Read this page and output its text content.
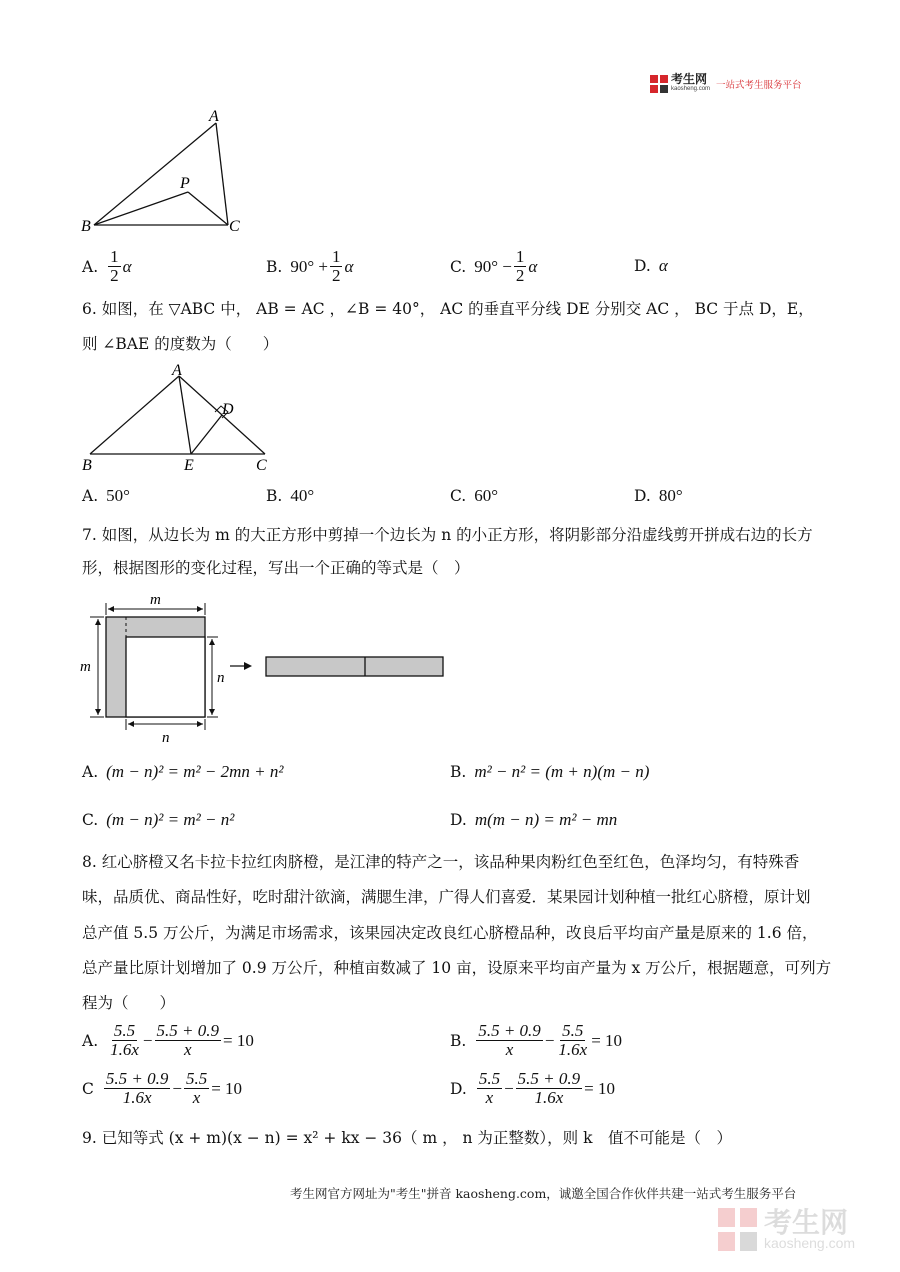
考生网
kaosheng.com 一站式考生服务平台
A
P
B	C
A. $\frac{1}{2}$ α	B. $90^\circ + \frac{1}{2}$ α	C. $90^\circ - \frac{1}{2}$ α	D. α
6. 如图，在 ▽ABC 中， AB = AC ，∠B = 40°， AC 的垂直平分线 DE 分别交 AC ， BC 于点 D，E，
则 ∠BAE 的度数为（　　）
A
D
B	E	C
A. 50°	B. 40°	C. 60°	D. 80°
7. 如图，从边长为 m 的大正方形中剪掉一个边长为 n 的小正方形，将阴影部分沿虚线剪开拼成右边的长方
形，根据图形的变化过程，写出一个正确的等式是（　）
m
m
n
n
A. (m − n)² = m² − 2mn + n²	B. m² − n² = (m + n)(m − n)
C. (m − n)² = m² − n²	D. m(m − n) = m² − mn
8. 红心脐橙又名卡拉卡拉红肉脐橙，是江津的特产之一，该品种果肉粉红色至红色，色泽均匀，有特殊香
味，品质优、商品性好，吃时甜汁欲滴，满腮生津，广得人们喜爱．某果园计划种植一批红心脐橙，原计划
总产值 5.5 万公斤，为满足市场需求，该果园决定改良红心脐橙品种，改良后平均亩产量是原来的 1.6 倍，
总产量比原计划增加了 0.9 万公斤，种植亩数减了 10 亩，设原来平均亩产量为 x 万公斤，根据题意，可列方
程为（　　）
A. $\frac{5.5}{1.6x} - \frac{5.5 + 0.9}{x} = 10$	B. $\frac{5.5 + 0.9}{x} - \frac{5.5}{1.6x} = 10$
C $\frac{5.5 + 0.9}{1.6x} - \frac{5.5}{x} = 10$	D. $\frac{5.5}{x} - \frac{5.5 + 0.9}{1.6x} = 10$
9. 已知等式 (x + m)(x − n) = x² + kx − 36（ m ， n 为正整数），则 k　值不可能是（　）
考生网官方网址为"考生"拼音 kaosheng.com，诚邀全国合作伙伴共建一站式考生服务平台
考生网
kaosheng.com
